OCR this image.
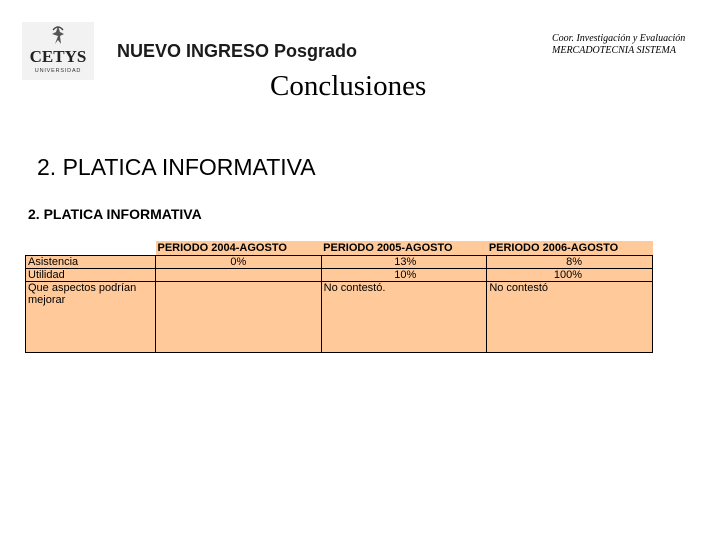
CETYS
UNIVERSIDAD
NUEVO INGRESO Posgrado
Coor. Investigación y Evaluación
MERCADOTECNIA SISTEMA
Conclusiones
2. PLATICA INFORMATIVA
2. PLATICA INFORMATIVA
	PERIODO 2004-AGOSTO	PERIODO 2005-AGOSTO	PERIODO 2006-AGOSTO
Asistencia	0%	13%	8%
Utilidad		10%	100%
Que aspectos podrían mejorar		No contestó.	No contestó
